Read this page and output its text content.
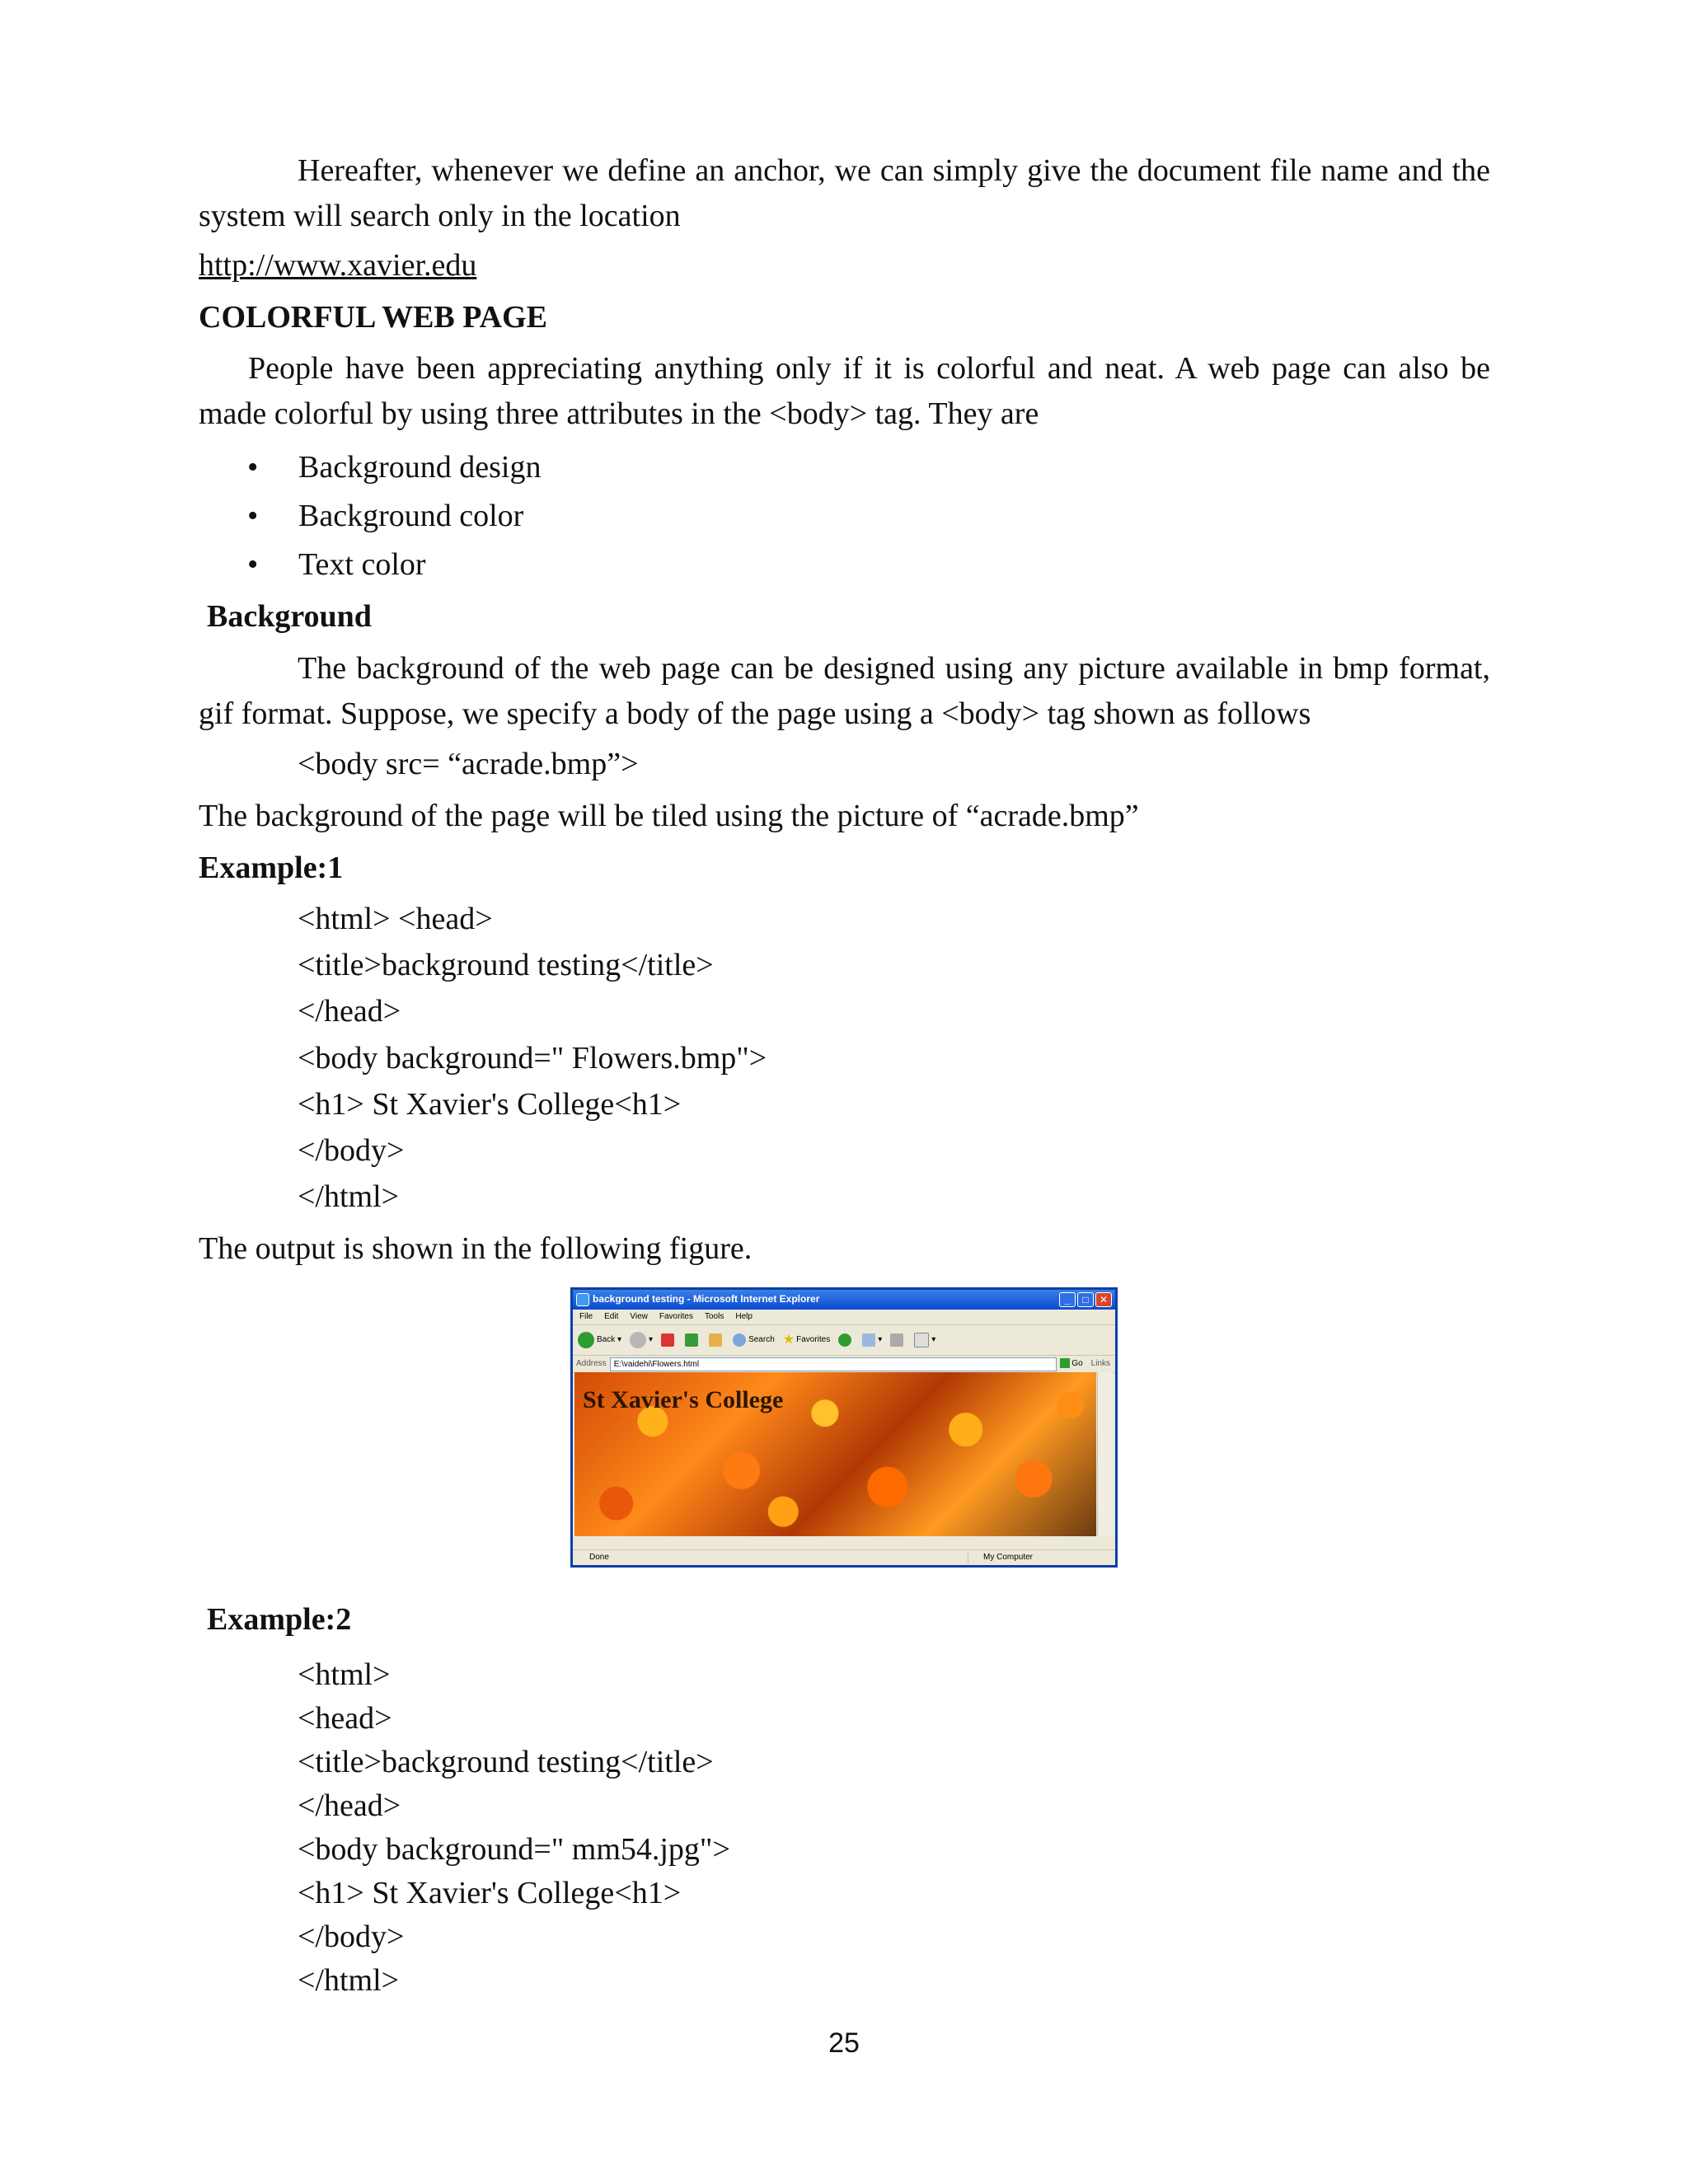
Hereafter, whenever we define an anchor, we can simply give the document file name and the system will search only in the location
http://www.xavier.edu
COLORFUL WEB PAGE
People have been appreciating anything only if it is colorful and neat. A web page can also be made colorful by using three attributes in the <body> tag. They are
• Background design
• Background color
• Text color
Background
The background of the web page can be designed using any picture available in bmp format, gif format. Suppose, we specify a body of the page using a <body> tag shown as follows
<body src= “acrade.bmp”>
The background of the page will be tiled using the picture of “acrade.bmp”
Example:1
<html> <head>
<title>background testing</title>
</head>
<body background=" Flowers.bmp">
<h1> St Xavier's College<h1>
</body>
</html>
The output is shown in the following figure.
background testing - Microsoft Internet Explorer	_	□	✕
File Edit View Favorites Tools Help
Back ▾	▾	Search ★ Favorites	▾	▾
Address E:\vaidehi\Flowers.html	Go Links
St Xavier's College
Done	My Computer
Example:2
<html>
<head>
<title>background testing</title>
</head>
<body background=" mm54.jpg">
<h1> St Xavier's College<h1>
</body>
</html>
25
